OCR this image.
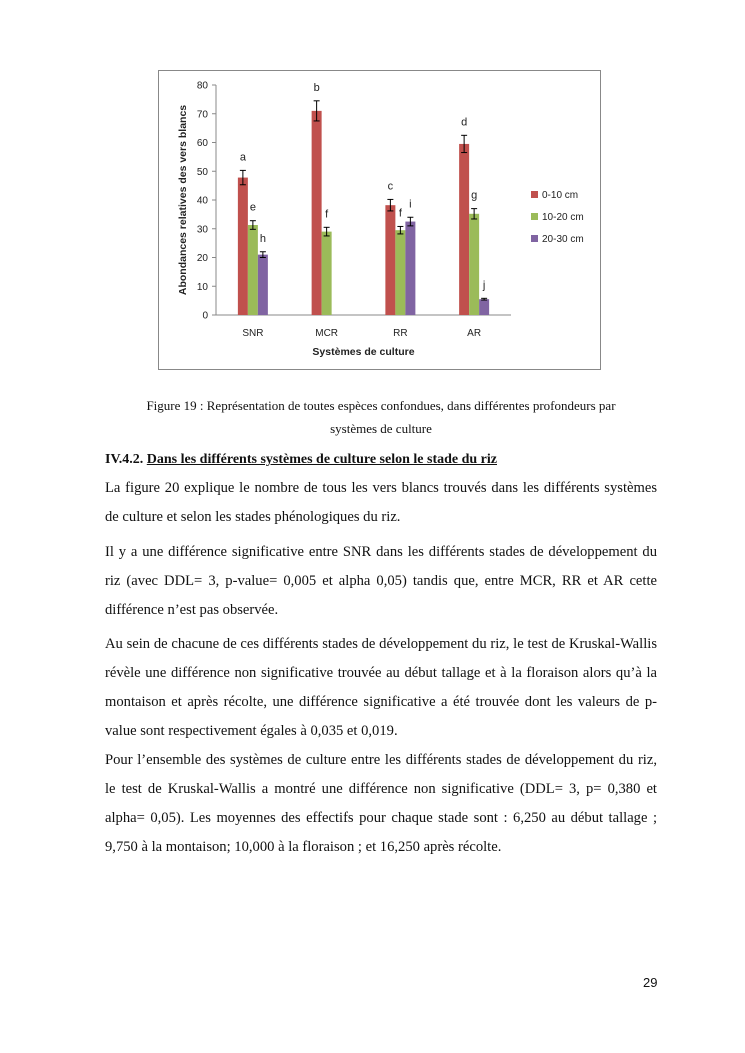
0
10
20
30
40
50
60
70
80
SNR
a
e
h
MCR
b
f
RR
c
f
i
AR
d
g
j
Systèmes de culture
Abondances relatives des vers blancs	0-10 cm
10-20 cm
20-30 cm
Figure 19 : Représentation de toutes espèces confondues, dans différentes profondeurs par
systèmes de culture
IV.4.2. Dans les différents systèmes de culture selon le stade du riz
La figure 20 explique le nombre de tous les vers blancs trouvés dans les différents systèmes de culture et selon les stades phénologiques du riz.
Il y a une différence significative entre SNR dans les différents stades de développement du riz (avec DDL= 3, p-value= 0,005 et alpha 0,05) tandis que, entre MCR, RR et AR cette différence n’est pas observée.
Au sein de chacune de ces différents stades de développement du riz, le test de Kruskal-Wallis révèle une différence non significative trouvée au début tallage et à la floraison alors qu’à la montaison et après récolte, une différence significative a été trouvée dont les valeurs de p-value sont respectivement égales à 0,035 et 0,019.
Pour l’ensemble des systèmes de culture entre les différents stades de développement du riz, le test de Kruskal-Wallis a montré une différence non significative (DDL= 3, p= 0,380 et alpha= 0,05). Les moyennes des effectifs pour chaque stade sont : 6,250 au début tallage ; 9,750 à la montaison; 10,000 à la floraison ; et 16,250 après récolte.
29
